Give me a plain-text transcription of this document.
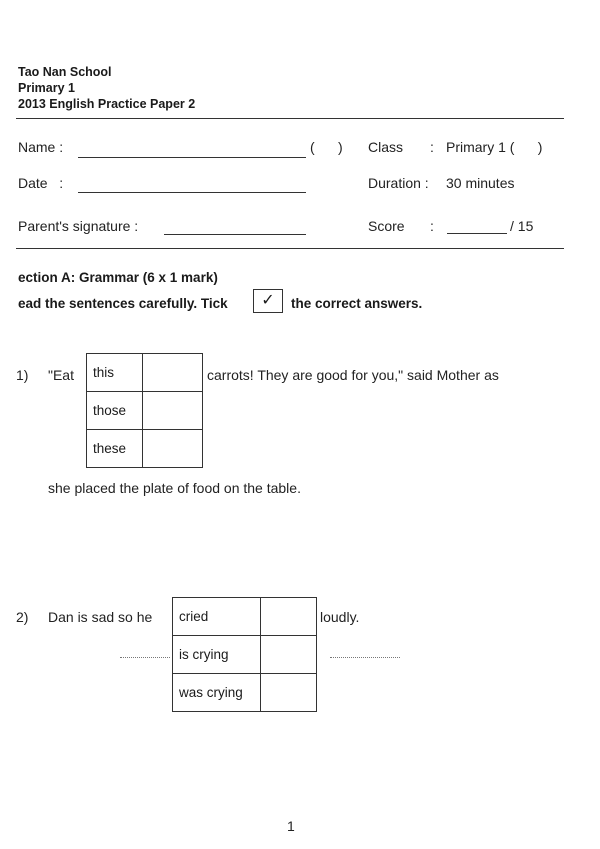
Tao Nan School
Primary 1
2013 English Practice Paper 2
Name :	(      ) Class : Primary 1 (      )
Date   :	Duration : 30 minutes
Parent's signature :	Score :	/ 15
ection A: Grammar (6 x 1 mark)
ead the sentences carefully. Tick	✓	the correct answers.
1) "Eat this	
those	
these	
carrots! They are good for you," said Mother as
she placed the plate of food on the table.
2) Dan is sad so he cried	
is crying	
was crying	
loudly.
1
